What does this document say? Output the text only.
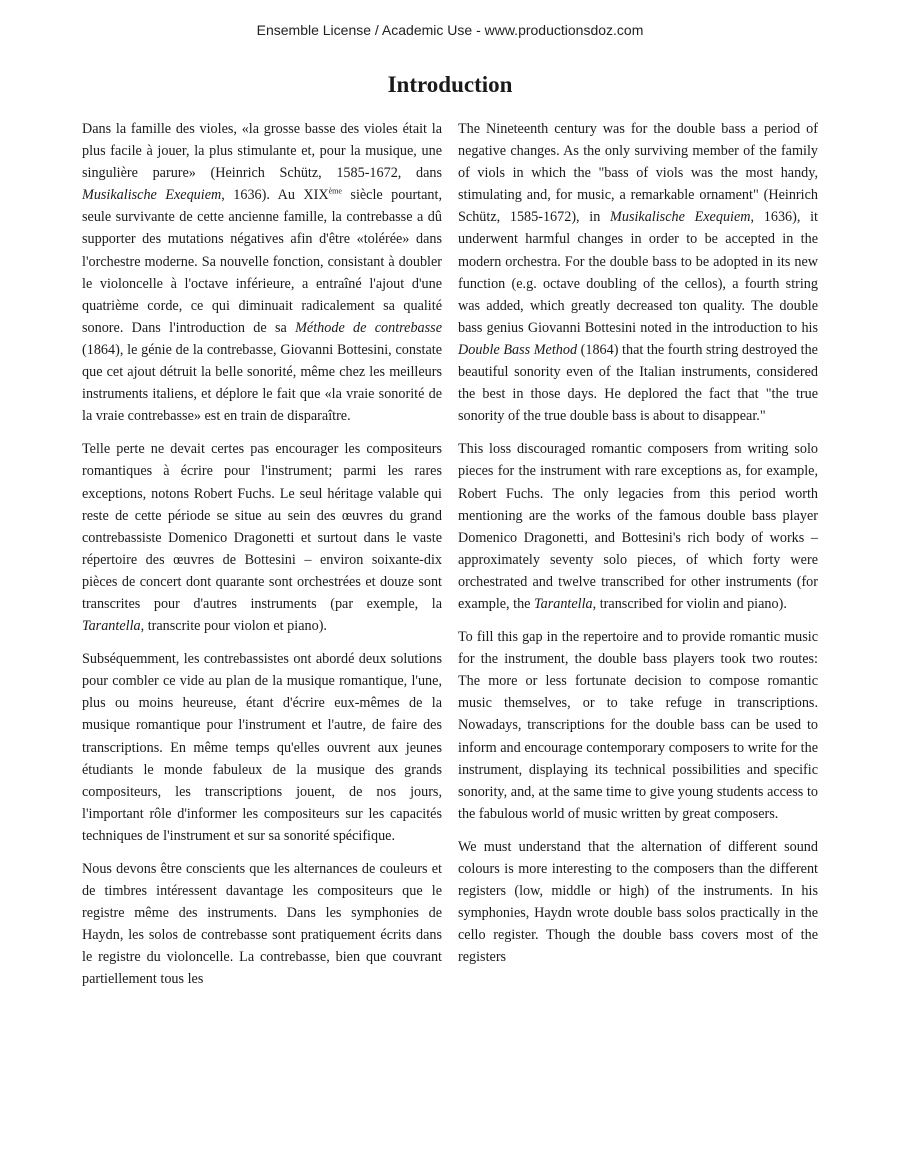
Ensemble License / Academic Use - www.productionsdoz.com
Introduction

Dans la famille des violes, «la grosse basse des violes était la plus facile à jouer, la plus stimulante et, pour la musique, une singulière parure» (Heinrich Schütz, 1585-1672, dans Musikalische Exequiem, 1636). Au XIXème siècle pourtant, seule survivante de cette ancienne famille, la contrebasse a dû supporter des mutations négatives afin d'être «tolérée» dans l'orchestre moderne. Sa nouvelle fonction, consistant à doubler le violoncelle à l'octave inférieure, a entraîné l'ajout d'une quatrième corde, ce qui diminuait radicalement sa qualité sonore. Dans l'introduction de sa Méthode de contrebasse (1864), le génie de la contrebasse, Giovanni Bottesini, constate que cet ajout détruit la belle sonorité, même chez les meilleurs instruments italiens, et déplore le fait que «la vraie sonorité de la vraie contrebasse» est en train de disparaître.

Telle perte ne devait certes pas encourager les compositeurs romantiques à écrire pour l'instrument; parmi les rares exceptions, notons Robert Fuchs. Le seul héritage valable qui reste de cette période se situe au sein des œuvres du grand contrebassiste Domenico Dragonetti et surtout dans le vaste répertoire des œuvres de Bottesini – environ soixante-dix pièces de concert dont quarante sont orchestrées et douze sont transcrites pour d'autres instruments (par exemple, la Tarantella, transcrite pour violon et piano).

Subséquemment, les contrebassistes ont abordé deux solutions pour combler ce vide au plan de la musique romantique, l'une, plus ou moins heureuse, étant d'écrire eux-mêmes de la musique romantique pour l'instrument et l'autre, de faire des transcriptions. En même temps qu'elles ouvrent aux jeunes étudiants le monde fabuleux de la musique des grands compositeurs, les transcriptions jouent, de nos jours, l'important rôle d'informer les compositeurs sur les capacités techniques de l'instrument et sur sa sonorité spécifique.

Nous devons être conscients que les alternances de couleurs et de timbres intéressent davantage les compositeurs que le registre même des instruments. Dans les symphonies de Haydn, les solos de contrebasse sont pratiquement écrits dans le registre du violoncelle. La contrebasse, bien que couvrant partiellement tous les

The Nineteenth century was for the double bass a period of negative changes. As the only surviving member of the family of viols in which the "bass of viols was the most handy, stimulating and, for music, a remarkable ornament" (Heinrich Schütz, 1585-1672), in Musikalische Exequiem, 1636), it underwent harmful changes in order to be accepted in the modern orchestra. For the double bass to be adopted in its new function (e.g. octave doubling of the cellos), a fourth string was added, which greatly decreased ton quality. The double bass genius Giovanni Bottesini noted in the introduction to his Double Bass Method (1864) that the fourth string destroyed the beautiful sonority even of the Italian instruments, considered the best in those days. He deplored the fact that "the true sonority of the true double bass is about to disappear."

This loss discouraged romantic composers from writing solo pieces for the instrument with rare exceptions as, for example, Robert Fuchs. The only legacies from this period worth mentioning are the works of the famous double bass player Domenico Dragonetti, and Bottesini's rich body of works – approximately seventy solo pieces, of which forty were orchestrated and twelve transcribed for other instruments (for example, the Tarantella, transcribed for violin and piano).

To fill this gap in the repertoire and to provide romantic music for the instrument, the double bass players took two routes: The more or less fortunate decision to compose romantic music themselves, or to take refuge in transcriptions. Nowadays, transcriptions for the double bass can be used to inform and encourage contemporary composers to write for the instrument, displaying its technical possibilities and specific sonority, and, at the same time to give young students access to the fabulous world of music written by great composers.

We must understand that the alternation of different sound colours is more interesting to the composers than the different registers (low, middle or high) of the instruments. In his symphonies, Haydn wrote double bass solos practically in the cello register. Though the double bass covers most of the registers
